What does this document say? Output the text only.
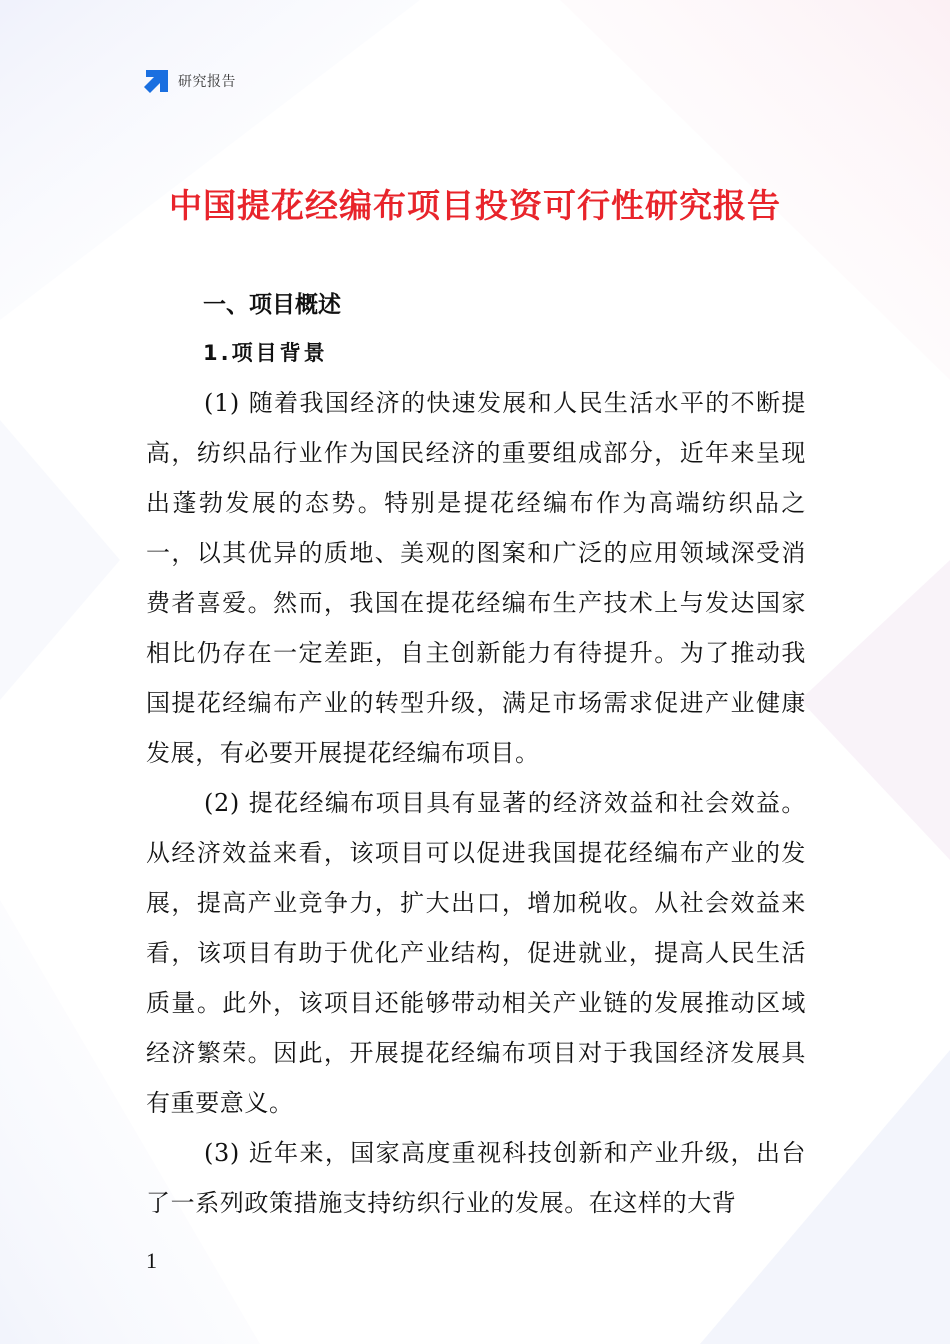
研究报告
中国提花经编布项目投资可行性研究报告
一、项目概述
1.项目背景

(1) 随着我国经济的快速发展和人民生活水平的不断提高，纺织品行业作为国民经济的重要组成部分，近年来呈现出蓬勃发展的态势。特别是提花经编布作为高端纺织品之一，以其优异的质地、美观的图案和广泛的应用领域深受消费者喜爱。然而，我国在提花经编布生产技术上与发达国家相比仍存在一定差距，自主创新能力有待提升。为了推动我国提花经编布产业的转型升级，满足市场需求促进产业健康发展，有必要开展提花经编布项目。

(2) 提花经编布项目具有显著的经济效益和社会效益。从经济效益来看，该项目可以促进我国提花经编布产业的发展，提高产业竞争力，扩大出口，增加税收。从社会效益来看，该项目有助于优化产业结构，促进就业，提高人民生活质量。此外，该项目还能够带动相关产业链的发展推动区域经济繁荣。因此，开展提花经编布项目对于我国经济发展具有重要意义。

(3) 近年来，国家高度重视科技创新和产业升级，出台了一系列政策措施支持纺织行业的发展。在这样的大背

1
